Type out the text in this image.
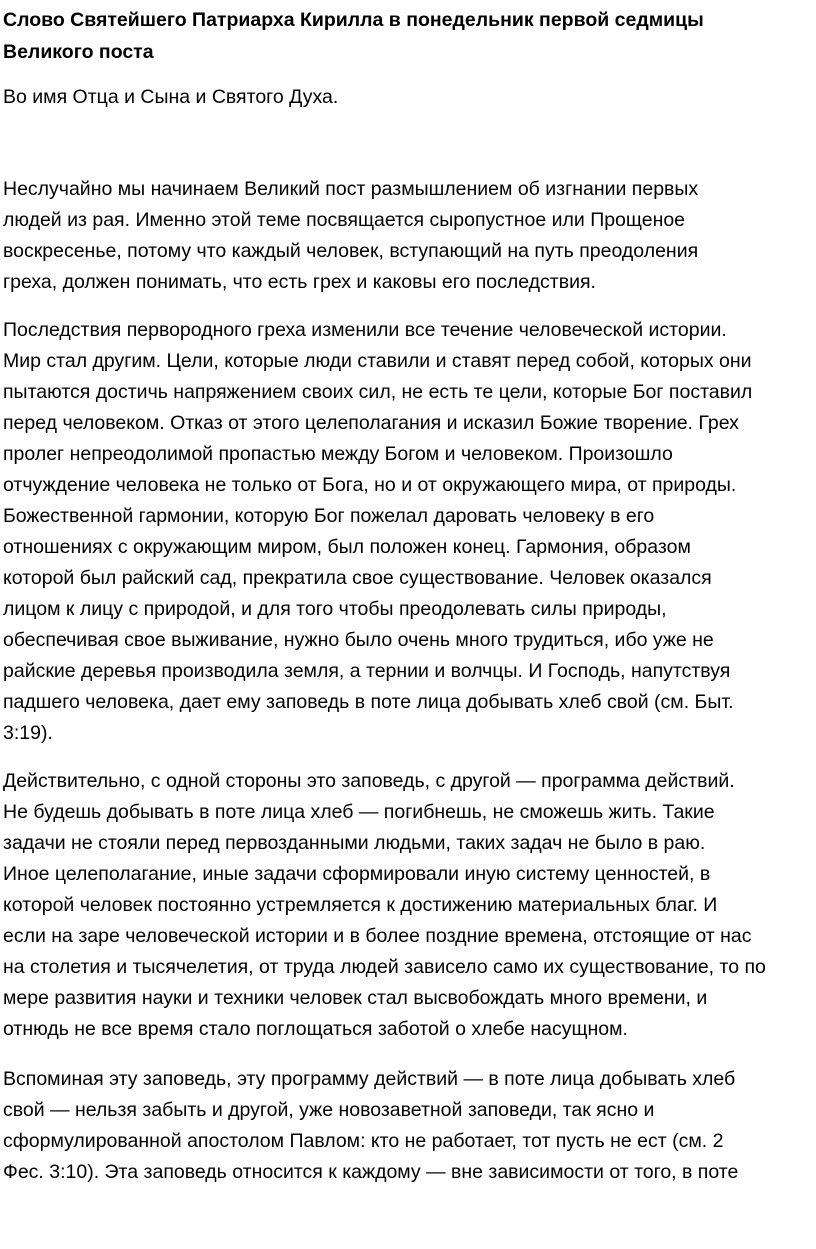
Слово Святейшего Патриарха Кирилла в понедельник первой седмицы
Великого поста

Во имя Отца и Сына и Святого Духа.

Неслучайно мы начинаем Великий пост размышлением об изгнании первых
людей из рая. Именно этой теме посвящается сыропустное или Прощеное
воскресенье, потому что каждый человек, вступающий на путь преодоления
греха, должен понимать, что есть грех и каковы его последствия.

Последствия первородного греха изменили все течение человеческой истории.
Мир стал другим. Цели, которые люди ставили и ставят перед собой, которых они
пытаются достичь напряжением своих сил, не есть те цели, которые Бог поставил
перед человеком. Отказ от этого целеполагания и исказил Божие творение. Грех
пролег непреодолимой пропастью между Богом и человеком. Произошло
отчуждение человека не только от Бога, но и от окружающего мира, от природы.
Божественной гармонии, которую Бог пожелал даровать человеку в его
отношениях с окружающим миром, был положен конец. Гармония, образом
которой был райский сад, прекратила свое существование. Человек оказался
лицом к лицу с природой, и для того чтобы преодолевать силы природы,
обеспечивая свое выживание, нужно было очень много трудиться, ибо уже не
райские деревья производила земля, а тернии и волчцы. И Господь, напутствуя
падшего человека, дает ему заповедь в поте лица добывать хлеб свой (см. Быт.
3:19).

Действительно, с одной стороны это заповедь, с другой — программа действий.
Не будешь добывать в поте лица хлеб — погибнешь, не сможешь жить. Такие
задачи не стояли перед первозданными людьми, таких задач не было в раю.
Иное целеполагание, иные задачи сформировали иную систему ценностей, в
которой человек постоянно устремляется к достижению материальных благ. И
если на заре человеческой истории и в более поздние времена, отстоящие от нас
на столетия и тысячелетия, от труда людей зависело само их существование, то по
мере развития науки и техники человек стал высвобождать много времени, и
отнюдь не все время стало поглощаться заботой о хлебе насущном.

Вспоминая эту заповедь, эту программу действий — в поте лица добывать хлеб
свой — нельзя забыть и другой, уже новозаветной заповеди, так ясно и
сформулированной апостолом Павлом: кто не работает, тот пусть не ест (см. 2
Фес. 3:10). Эта заповедь относится к каждому — вне зависимости от того, в поте
